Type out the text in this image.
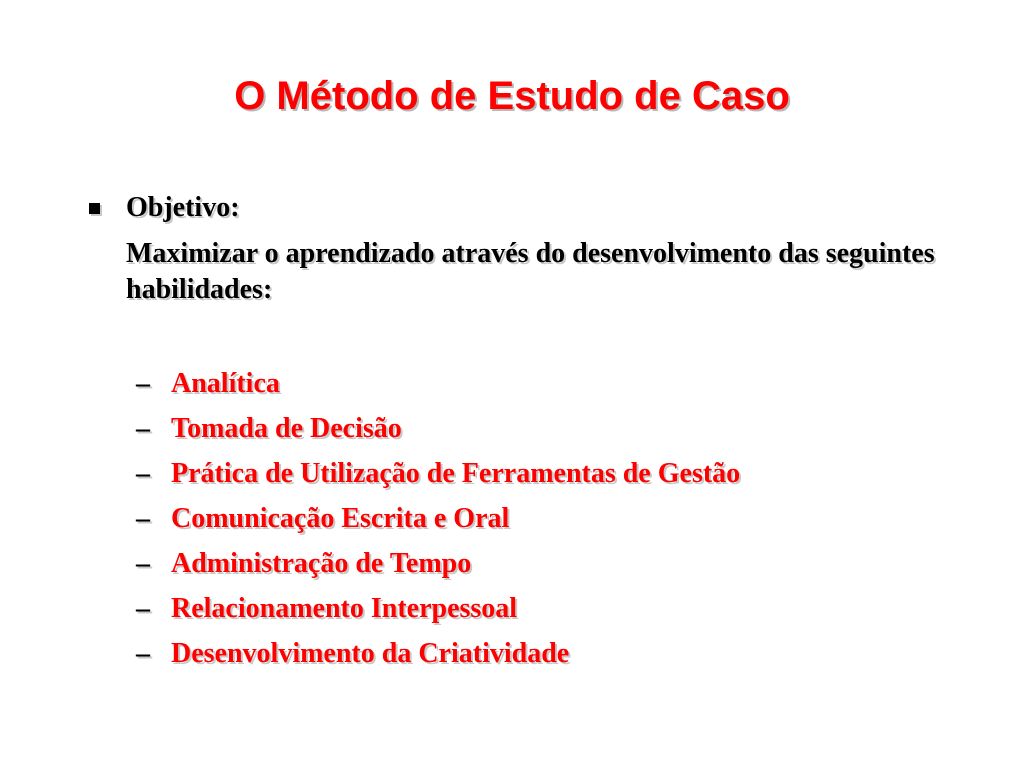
O Método de Estudo de Caso
Objetivo:
Maximizar o aprendizado através do desenvolvimento das seguintes habilidades:
– Analítica
– Tomada de Decisão
– Prática de Utilização de Ferramentas de Gestão
– Comunicação Escrita e Oral
– Administração de Tempo
– Relacionamento Interpessoal
– Desenvolvimento da Criatividade
